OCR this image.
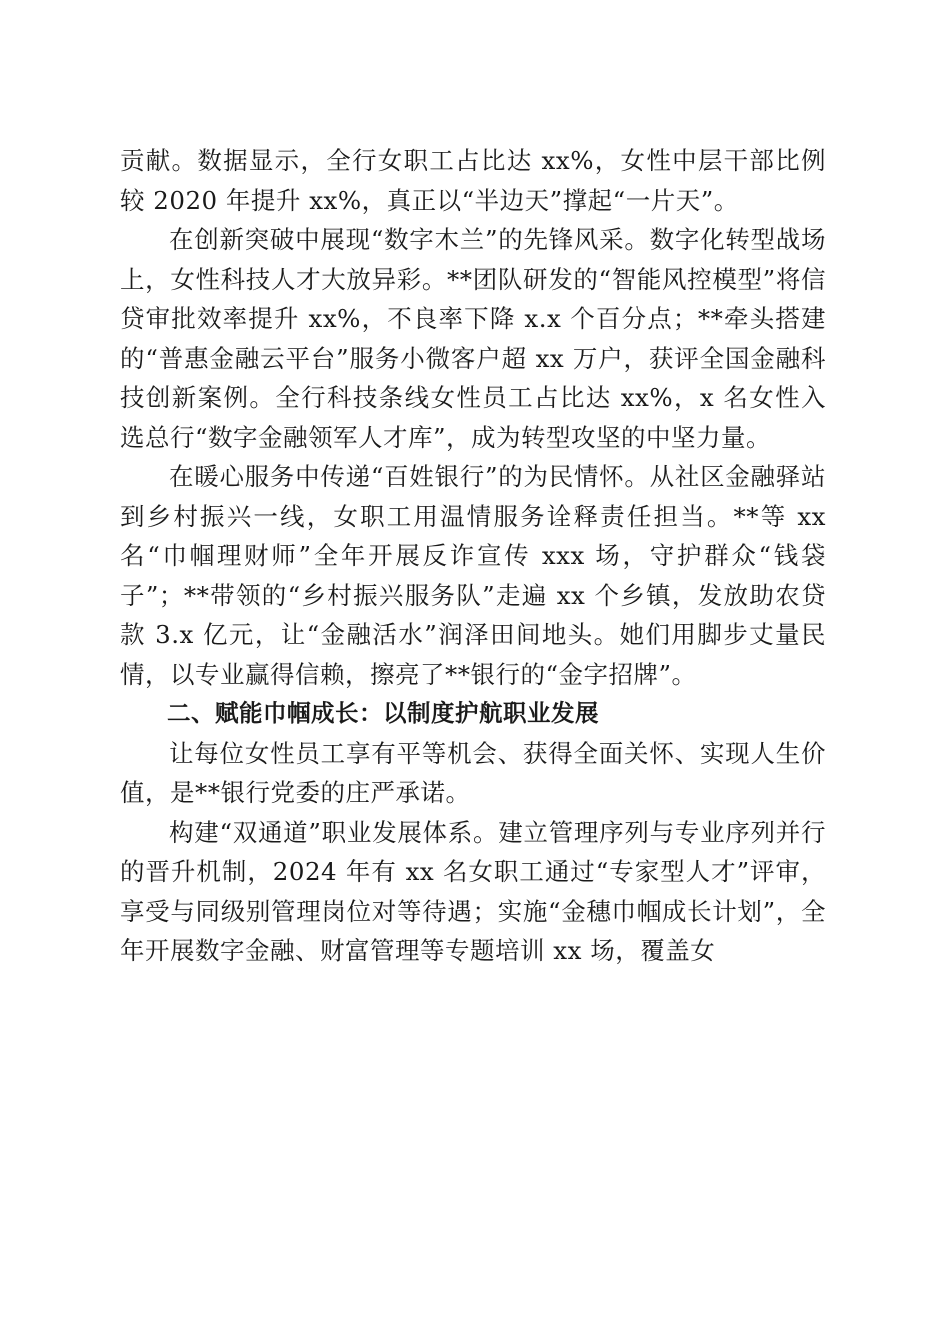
贡献。数据显示，全行女职工占比达 xx%，女性中层干部比例较 2020 年提升 xx%，真正以“半边天”撑起“一片天”。

在创新突破中展现“数字木兰”的先锋风采。数字化转型战场上，女性科技人才大放异彩。**团队研发的“智能风控模型”将信贷审批效率提升 xx%，不良率下降 x.x 个百分点；**牵头搭建的“普惠金融云平台”服务小微客户超 xx 万户，获评全国金融科技创新案例。全行科技条线女性员工占比达 xx%，x 名女性入选总行“数字金融领军人才库”，成为转型攻坚的中坚力量。

在暖心服务中传递“百姓银行”的为民情怀。从社区金融驿站到乡村振兴一线，女职工用温情服务诠释责任担当。**等 xx 名“巾帼理财师”全年开展反诈宣传 xxx 场，守护群众“钱袋子”；**带领的“乡村振兴服务队”走遍 xx 个乡镇，发放助农贷款 3.x 亿元，让“金融活水”润泽田间地头。她们用脚步丈量民情，以专业赢得信赖，擦亮了**银行的“金字招牌”。

二、赋能巾帼成长：以制度护航职业发展

让每位女性员工享有平等机会、获得全面关怀、实现人生价值，是**银行党委的庄严承诺。

构建“双通道”职业发展体系。建立管理序列与专业序列并行的晋升机制，2024 年有 xx 名女职工通过“专家型人才”评审，享受与同级别管理岗位对等待遇；实施“金穗巾帼成长计划”，全年开展数字金融、财富管理等专题培训 xx 场，覆盖女
